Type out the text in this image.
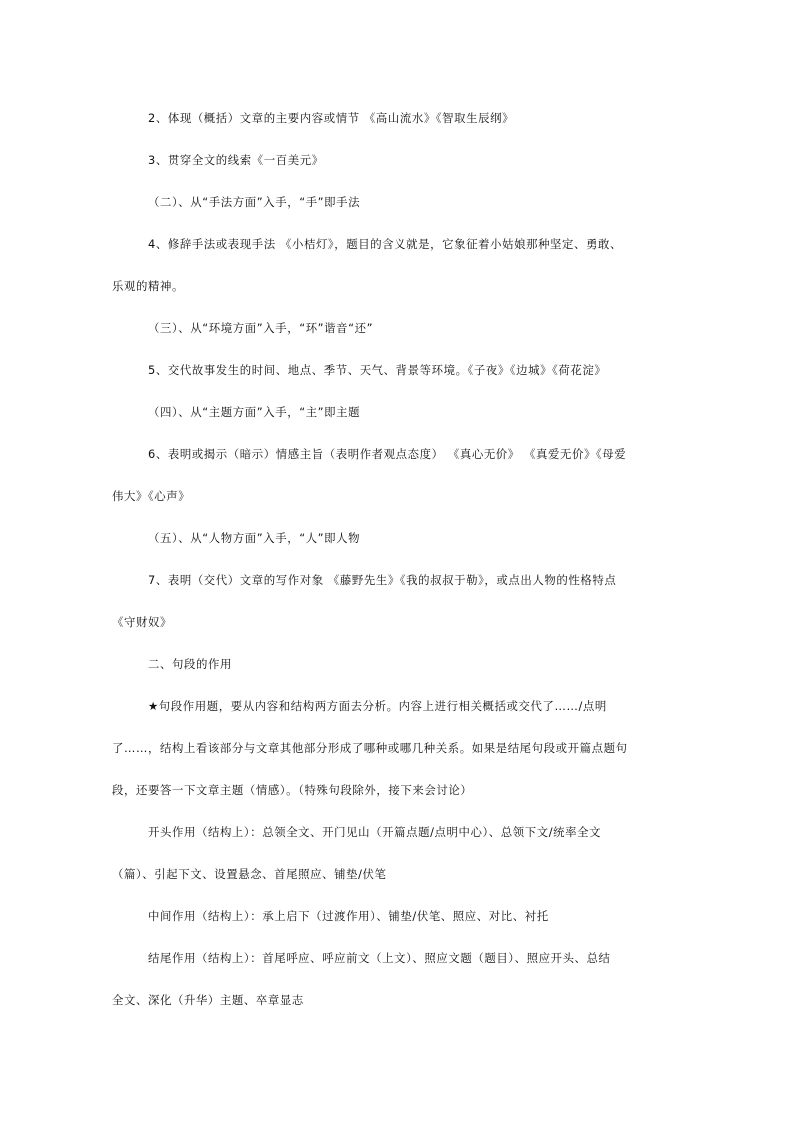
2、体现（概括）文章的主要内容或情节 《高山流水》《智取生辰纲》
3、贯穿全文的线索《一百美元》
（二）、从“手法方面”入手，“手”即手法
4、修辞手法或表现手法 《小桔灯》，题目的含义就是，它象征着小姑娘那种坚定、勇敢、
乐观的精神。
（三）、从“环境方面”入手，“环”谐音“还”
5、交代故事发生的时间、地点、季节、天气、背景等环境。《子夜》《边城》《荷花淀》
（四）、从“主题方面”入手，“主”即主题
6、表明或揭示（暗示）情感主旨（表明作者观点态度） 《真心无价》 《真爱无价》《母爱
伟大》《心声》
（五）、从“人物方面”入手，“人”即人物
7、表明（交代）文章的写作对象 《藤野先生》《我的叔叔于勒》，或点出人物的性格特点
《守财奴》
二、句段的作用
★句段作用题，要从内容和结构两方面去分析。内容上进行相关概括或交代了……/点明
了……，结构上看该部分与文章其他部分形成了哪种或哪几种关系。如果是结尾句段或开篇点题句
段，还要答一下文章主题（情感）。（特殊句段除外，接下来会讨论）
开头作用（结构上）：总领全文、开门见山（开篇点题/点明中心）、总领下文/统率全文
（篇）、引起下文、设置悬念、首尾照应、铺垫/伏笔
中间作用（结构上）：承上启下（过渡作用）、铺垫/伏笔、照应、对比、衬托
结尾作用（结构上）：首尾呼应、呼应前文（上文）、照应文题（题目）、照应开头、总结
全文、深化（升华）主题、卒章显志
